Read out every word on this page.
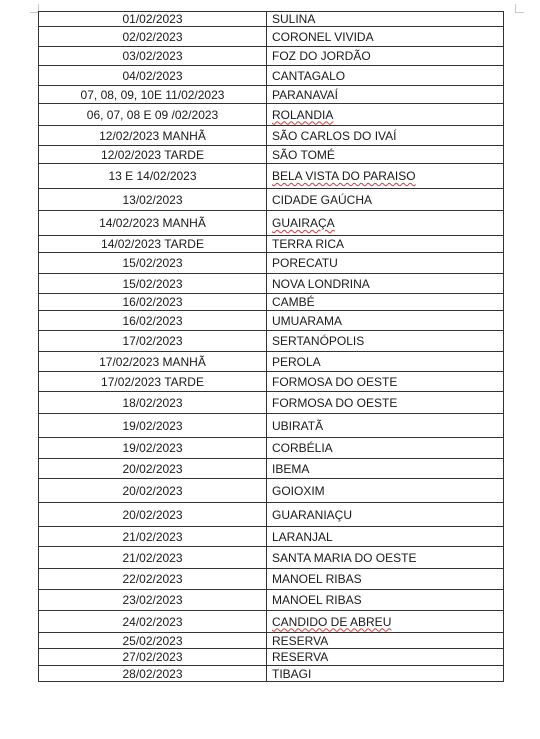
01/02/2023	SULINA
02/02/2023	CORONEL VIVIDA
03/02/2023	FOZ DO JORDÃO
04/02/2023	CANTAGALO
07, 08, 09, 10E 11/02/2023	PARANAVAÍ
06, 07, 08 E 09 /02/2023	ROLANDIA
12/02/2023 MANHÃ	SÃO CARLOS DO IVAÍ
12/02/2023 TARDE	SÃO TOMÉ
13 E 14/02/2023	BELA VISTA DO PARAISO
13/02/2023	CIDADE GAÚCHA
14/02/2023 MANHÃ	GUAIRAÇA
14/02/2023 TARDE	TERRA RICA
15/02/2023	PORECATU
15/02/2023	NOVA LONDRINA
16/02/2023	CAMBÉ
16/02/2023	UMUARAMA
17/02/2023	SERTANÓPOLIS
17/02/2023 MANHÃ	PEROLA
17/02/2023 TARDE	FORMOSA DO OESTE
18/02/2023	FORMOSA DO OESTE
19/02/2023	UBIRATÃ
19/02/2023	CORBÉLIA
20/02/2023	IBEMA
20/02/2023	GOIOXIM
20/02/2023	GUARANIAÇU
21/02/2023	LARANJAL
21/02/2023	SANTA MARIA DO OESTE
22/02/2023	MANOEL RIBAS
23/02/2023	MANOEL RIBAS
24/02/2023	CANDIDO DE ABREU
25/02/2023	RESERVA
27/02/2023	RESERVA
28/02/2023	TIBAGI
